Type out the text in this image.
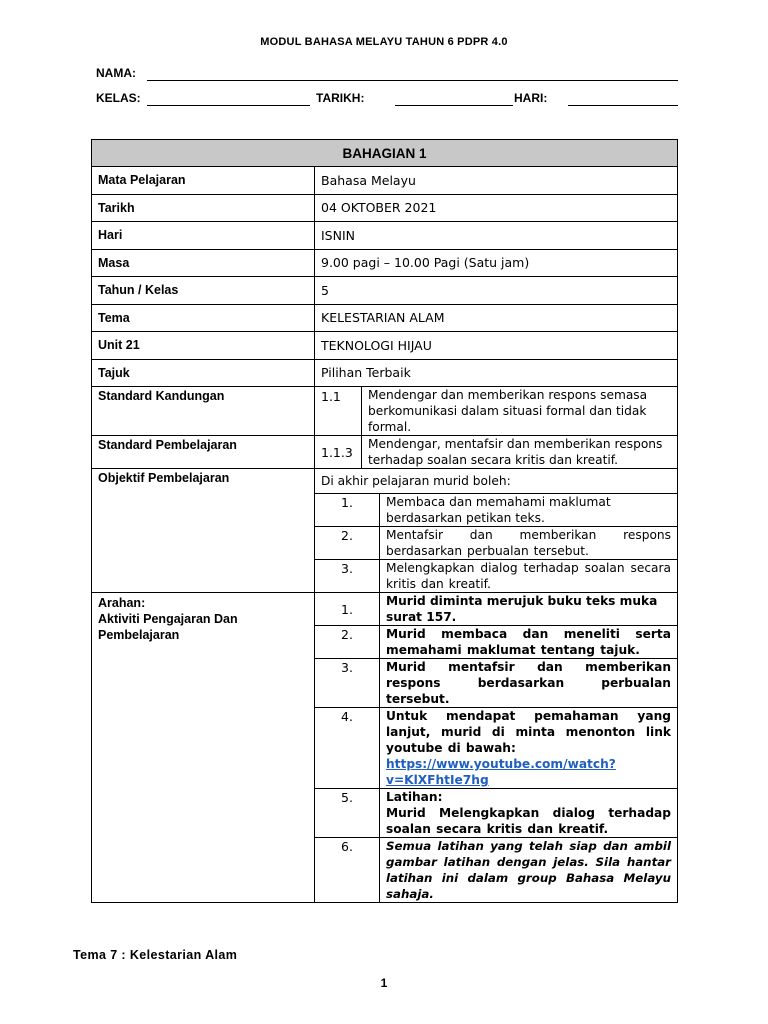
MODUL BAHASA MELAYU TAHUN 6 PDPR 4.0
NAMA:
KELAS:	TARIKH:	HARI:
BAHAGIAN 1
Mata Pelajaran	Bahasa Melayu
Tarikh	04 OKTOBER 2021
Hari	ISNIN
Masa	9.00 pagi – 10.00 Pagi (Satu jam)
Tahun / Kelas	5
Tema	KELESTARIAN ALAM
Unit 21	TEKNOLOGI HIJAU
Tajuk	Pilihan Terbaik
Standard Kandungan		1.1	Mendengar dan memberikan respons semasa berkomunikasi dalam situasi formal dan tidak formal.

Standard Pembelajaran		1.1.3	Mendengar, mentafsir dan memberikan respons terhadap soalan secara kritis dan kreatif.

Objektif Pembelajaran		Di akhir pelajaran murid boleh:
1.	Membaca dan memahami maklumat berdasarkan petikan teks.
2.	Mentafsir dan memberikan respons berdasarkan perbualan tersebut.
3.	Melengkapkan dialog terhadap soalan secara kritis dan kreatif.

Arahan:
Aktiviti Pengajaran Dan Pembelajaran

1.	Murid diminta merujuk buku teks muka surat 157.
2.	Murid membaca dan meneliti serta memahami maklumat tentang tajuk.
3.	Murid mentafsir dan memberikan respons berdasarkan perbualan tersebut.
4.	Untuk mendapat pemahaman yang lanjut, murid di minta menonton link youtube di bawah:
https://www.youtube.com/watch?v=KlXFhtIe7hg
5.	Latihan:
Murid Melengkapkan dialog terhadap soalan secara kritis dan kreatif.

6.	Semua latihan yang telah siap dan ambil gambar latihan dengan jelas. Sila hantar latihan ini dalam group Bahasa Melayu sahaja.
Tema 7 : Kelestarian Alam
1
